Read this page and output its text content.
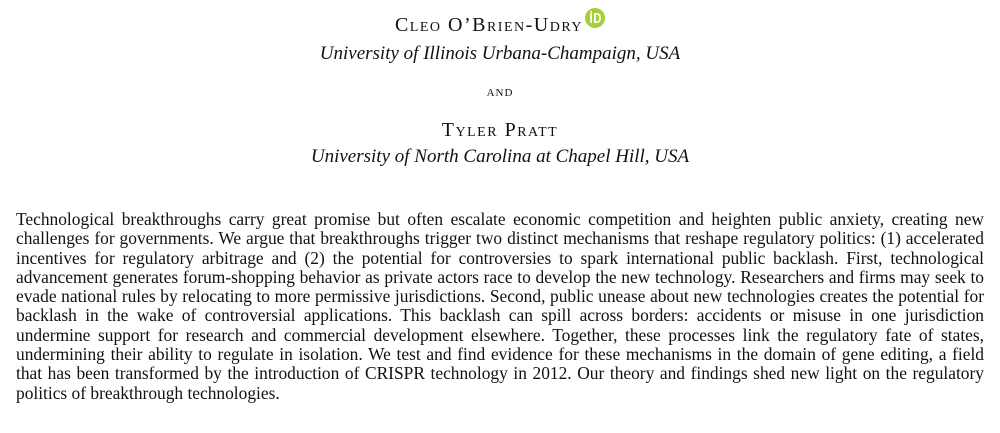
Cleo O’Brien-Udry
University of Illinois Urbana-Champaign, USA
and
Tyler Pratt
University of North Carolina at Chapel Hill, USA
Technological breakthroughs carry great promise but often escalate economic competition and heighten public anxiety, creating new challenges for governments. We argue that breakthroughs trigger two distinct mechanisms that reshape regulatory politics: (1) accelerated incentives for regulatory arbitrage and (2) the potential for controversies to spark international public backlash. First, technological advancement generates forum-shopping behavior as private actors race to develop the new technology. Researchers and firms may seek to evade national rules by relocating to more permissive jurisdictions. Second, public unease about new technologies creates the potential for backlash in the wake of controversial applications. This backlash can spill across borders: accidents or misuse in one jurisdiction undermine support for research and commercial development elsewhere. Together, these processes link the regulatory fate of states, undermining their ability to regulate in isolation. We test and find evidence for these mechanisms in the domain of gene editing, a field that has been transformed by the introduction of CRISPR technology in 2012. Our theory and findings shed new light on the regulatory politics of breakthrough technologies.
